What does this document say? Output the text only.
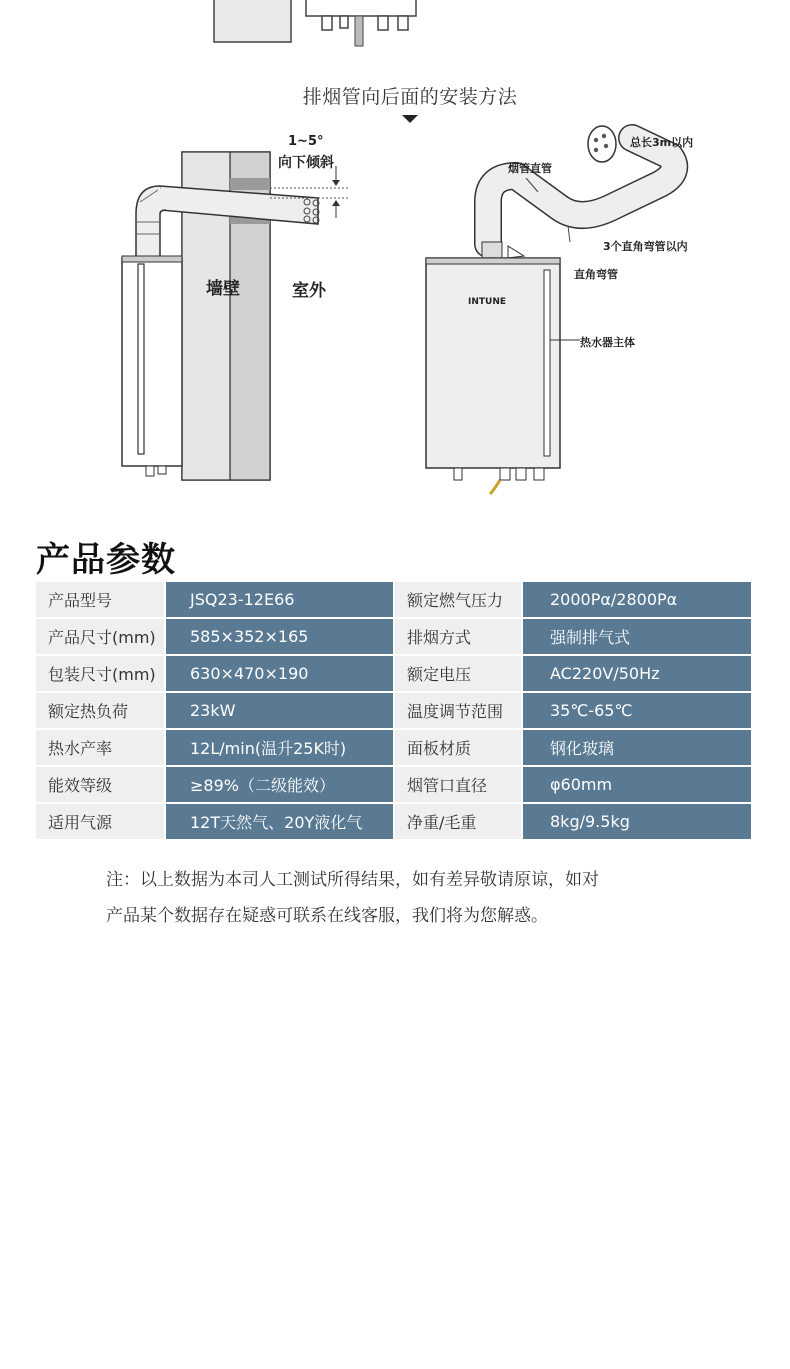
排烟管向后面的安装方法
1~5°
向下倾斜
墙壁	室外
INTUNE
总长3m以内
烟管直管
3个直角弯管以内
直角弯管
热水器主体
产品参数
产品型号	JSQ23-12E66	额定燃气压力	2000Pα/2800Pα
产品尺寸(mm)	585×352×165	排烟方式	强制排气式
包装尺寸(mm)	630×470×190	额定电压	AC220V/50Hz
额定热负荷	23kW	温度调节范围	35℃-65℃
热水产率	12L/min(温升25K时)	面板材质	钢化玻璃
能效等级	≥89%（二级能效）	烟管口直径	φ60mm
适用气源	12T天然气、20Y液化气	净重/毛重	8kg/9.5kg
注：以上数据为本司人工测试所得结果，如有差异敬请原谅，如对
产品某个数据存在疑惑可联系在线客服，我们将为您解惑。
